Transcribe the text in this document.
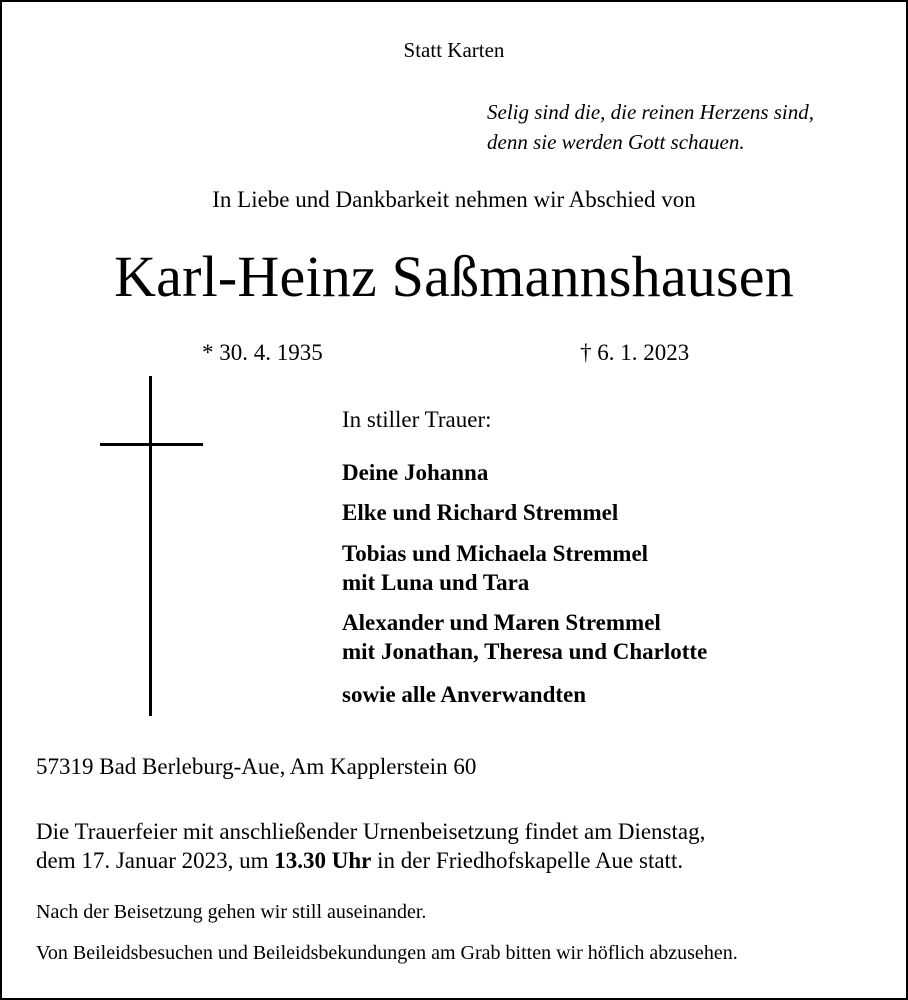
Statt Karten
Selig sind die, die reinen Herzens sind,
denn sie werden Gott schauen.
In Liebe und Dankbarkeit nehmen wir Abschied von
Karl-Heinz Saßmannshausen
* 30. 4. 1935	† 6. 1. 2023
In stiller Trauer:
Deine Johanna
Elke und Richard Stremmel
Tobias und Michaela Stremmel
mit Luna und Tara
Alexander und Maren Stremmel
mit Jonathan, Theresa und Charlotte
sowie alle Anverwandten
57319 Bad Berleburg-Aue, Am Kapplerstein 60
Die Trauerfeier mit anschließender Urnenbeisetzung findet am Dienstag,
dem 17. Januar 2023, um 13.30 Uhr in der Friedhofskapelle Aue statt.
Nach der Beisetzung gehen wir still auseinander.
Von Beileidsbesuchen und Beileidsbekundungen am Grab bitten wir höflich abzusehen.
